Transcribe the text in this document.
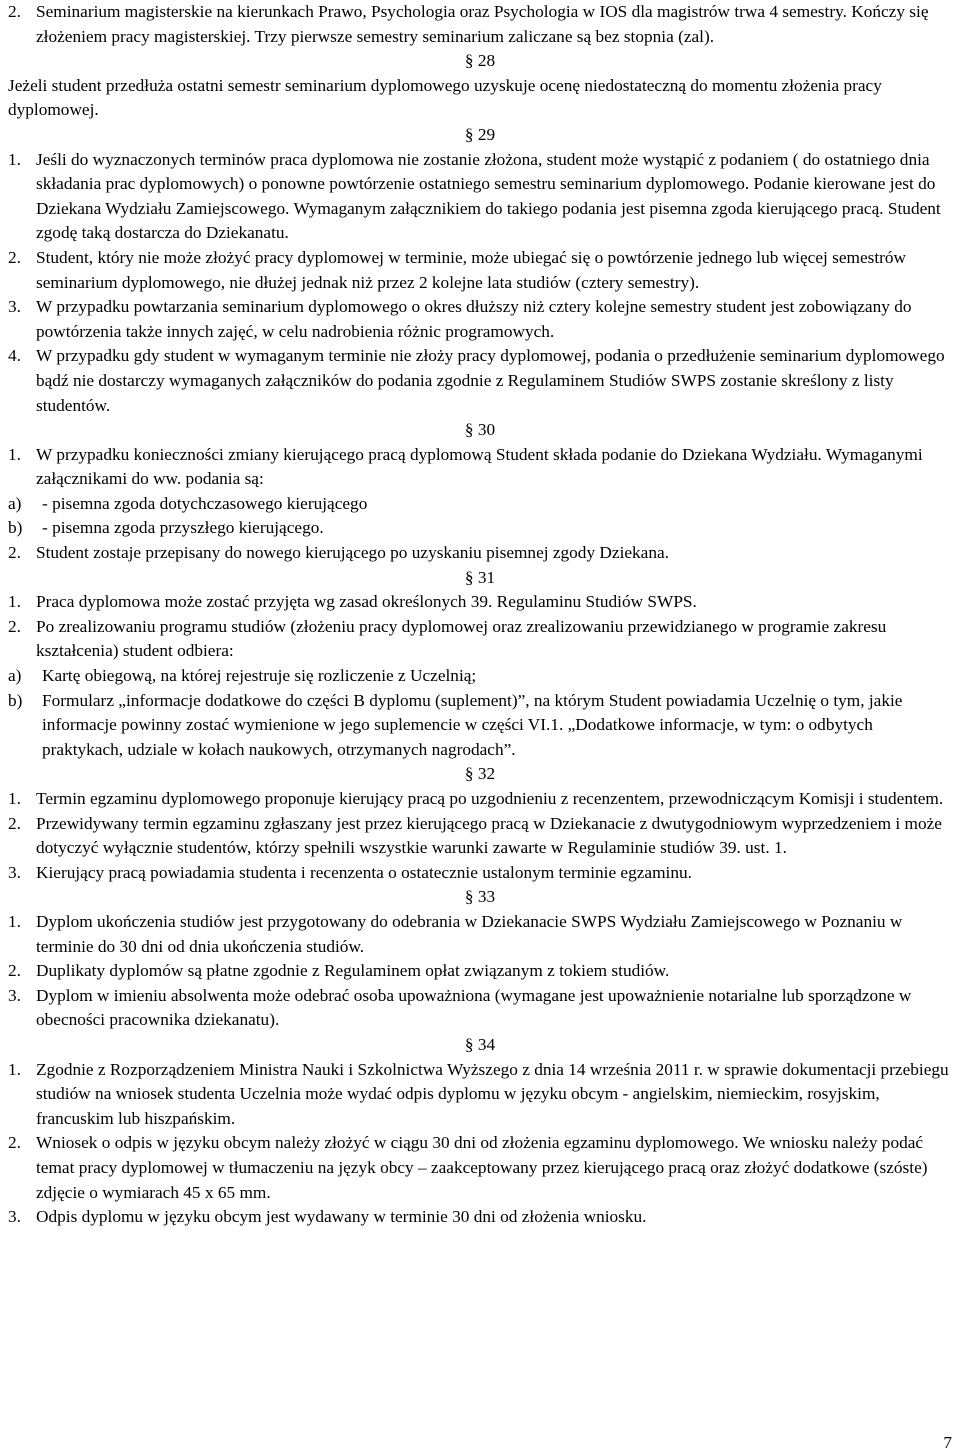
2. Seminarium magisterskie na kierunkach Prawo, Psychologia oraz Psychologia w IOS dla magistrów trwa 4 semestry. Kończy się złożeniem pracy magisterskiej. Trzy pierwsze semestry seminarium zaliczane są bez stopnia (zal).
§ 28

Jeżeli student przedłuża ostatni semestr seminarium dyplomowego uzyskuje ocenę niedostateczną do momentu złożenia pracy dyplomowej.

§ 29
1. Jeśli do wyznaczonych terminów praca dyplomowa nie zostanie złożona, student może wystąpić z podaniem ( do ostatniego dnia składania prac dyplomowych) o ponowne powtórzenie ostatniego semestru seminarium dyplomowego. Podanie kierowane jest do Dziekana Wydziału Zamiejscowego. Wymaganym załącznikiem do takiego podania jest pisemna zgoda kierującego pracą. Student zgodę taką dostarcza do Dziekanatu.
2. Student, który nie może złożyć pracy dyplomowej w terminie, może ubiegać się o powtórzenie jednego lub więcej semestrów seminarium dyplomowego, nie dłużej jednak niż przez 2 kolejne lata studiów (cztery semestry).
3. W przypadku powtarzania seminarium dyplomowego o okres dłuższy niż cztery kolejne semestry student jest zobowiązany do powtórzenia także innych zajęć, w celu nadrobienia różnic programowych.
4. W przypadku gdy student w wymaganym terminie nie złoży pracy dyplomowej, podania o przedłużenie seminarium dyplomowego bądź nie dostarczy wymaganych załączników do podania zgodnie z Regulaminem Studiów SWPS zostanie skreślony z listy studentów.
§ 30
1. W przypadku konieczności zmiany kierującego pracą dyplomową Student składa podanie do Dziekana Wydziału. Wymaganymi załącznikami do ww. podania są:
a)	- pisemna zgoda dotychczasowego kierującego
b)	- pisemna zgoda przyszłego kierującego.
2. Student zostaje przepisany do nowego kierującego po uzyskaniu pisemnej zgody Dziekana.
§ 31
1. Praca dyplomowa może zostać przyjęta wg zasad określonych 39. Regulaminu Studiów SWPS.
2. Po zrealizowaniu programu studiów (złożeniu pracy dyplomowej oraz zrealizowaniu przewidzianego w programie zakresu kształcenia) student odbiera:
a)	Kartę obiegową, na której rejestruje się rozliczenie z Uczelnią;
b)	Formularz „informacje dodatkowe do części B dyplomu (suplement)”, na którym Student powiadamia Uczelnię o tym, jakie informacje powinny zostać wymienione w jego suplemencie w części VI.1. „Dodatkowe informacje, w tym: o odbytych praktykach, udziale w kołach naukowych, otrzymanych nagrodach”.
§ 32
1. Termin egzaminu dyplomowego proponuje kierujący pracą po uzgodnieniu z recenzentem, przewodniczącym Komisji i studentem.
2. Przewidywany termin egzaminu zgłaszany jest przez kierującego pracą w Dziekanacie z dwutygodniowym wyprzedzeniem i może dotyczyć wyłącznie studentów, którzy spełnili wszystkie warunki zawarte w Regulaminie studiów 39. ust. 1.
3. Kierujący pracą powiadamia studenta i recenzenta o ostatecznie ustalonym terminie egzaminu.
§ 33
1. Dyplom ukończenia studiów jest przygotowany do odebrania w Dziekanacie SWPS Wydziału Zamiejscowego w Poznaniu w terminie do 30 dni od dnia ukończenia studiów.
2. Duplikaty dyplomów są płatne zgodnie z Regulaminem opłat związanym z tokiem studiów.
3. Dyplom w imieniu absolwenta może odebrać osoba upoważniona (wymagane jest upoważnienie notarialne lub sporządzone w obecności pracownika dziekanatu).
§ 34
1. Zgodnie z Rozporządzeniem Ministra Nauki i Szkolnictwa Wyższego z dnia 14 września 2011 r. w sprawie dokumentacji przebiegu studiów na wniosek studenta Uczelnia może wydać odpis dyplomu w języku obcym - angielskim, niemieckim, rosyjskim, francuskim lub hiszpańskim.
2. Wniosek o odpis w języku obcym należy złożyć w ciągu 30 dni od złożenia egzaminu dyplomowego. We wniosku należy podać temat pracy dyplomowej w tłumaczeniu na język obcy – zaakceptowany przez kierującego pracą oraz złożyć dodatkowe (szóste) zdjęcie o wymiarach 45 x 65 mm.
3. Odpis dyplomu w języku obcym jest wydawany w terminie 30 dni od złożenia wniosku.
7
